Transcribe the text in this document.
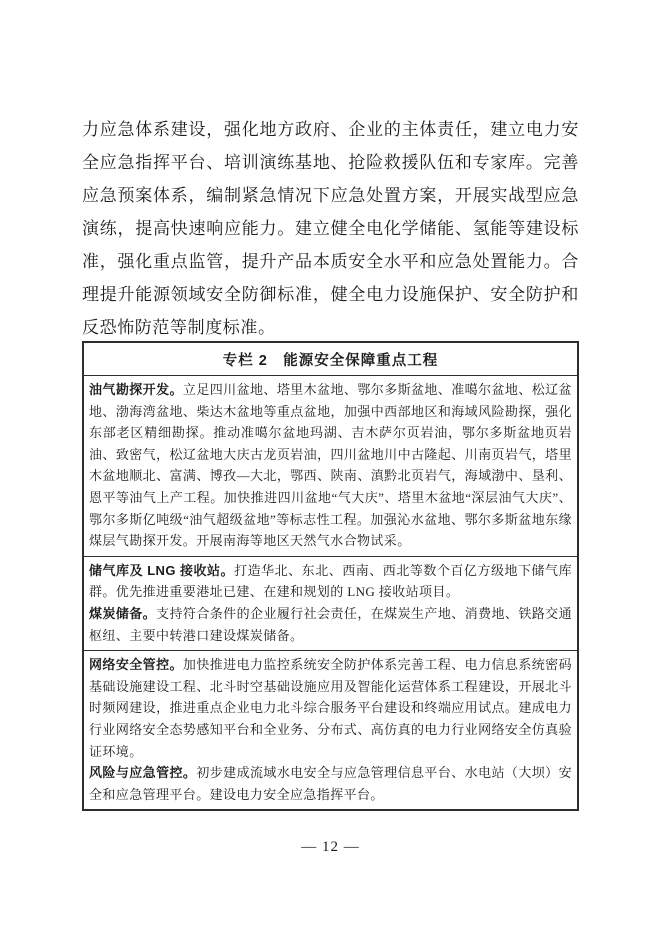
力应急体系建设，强化地方政府、企业的主体责任，建立电力安全应急指挥平台、培训演练基地、抢险救援队伍和专家库。完善应急预案体系，编制紧急情况下应急处置方案，开展实战型应急演练，提高快速响应能力。建立健全电化学储能、氢能等建设标准，强化重点监管，提升产品本质安全水平和应急处置能力。合理提升能源领域安全防御标准，健全电力设施保护、安全防护和反恐怖防范等制度标准。

专栏 2　能源安全保障重点工程

油气勘探开发。立足四川盆地、塔里木盆地、鄂尔多斯盆地、准噶尔盆地、松辽盆地、渤海湾盆地、柴达木盆地等重点盆地，加强中西部地区和海域风险勘探，强化东部老区精细勘探。推动准噶尔盆地玛湖、吉木萨尔页岩油，鄂尔多斯盆地页岩油、致密气，松辽盆地大庆古龙页岩油，四川盆地川中古隆起、川南页岩气，塔里木盆地顺北、富满、博孜—大北，鄂西、陕南、滇黔北页岩气，海域渤中、垦利、恩平等油气上产工程。加快推进四川盆地“气大庆”、塔里木盆地“深层油气大庆”、鄂尔多斯亿吨级“油气超级盆地”等标志性工程。加强沁水盆地、鄂尔多斯盆地东缘煤层气勘探开发。开展南海等地区天然气水合物试采。

储气库及 LNG 接收站。打造华北、东北、西南、西北等数个百亿方级地下储气库群。优先推进重要港址已建、在建和规划的 LNG 接收站项目。

煤炭储备。支持符合条件的企业履行社会责任，在煤炭生产地、消费地、铁路交通枢纽、主要中转港口建设煤炭储备。

网络安全管控。加快推进电力监控系统安全防护体系完善工程、电力信息系统密码基础设施建设工程、北斗时空基础设施应用及智能化运营体系工程建设，开展北斗时频网建设，推进重点企业电力北斗综合服务平台建设和终端应用试点。建成电力行业网络安全态势感知平台和全业务、分布式、高仿真的电力行业网络安全仿真验证环境。

风险与应急管控。初步建成流域水电安全与应急管理信息平台、水电站（大坝）安全和应急管理平台。建设电力安全应急指挥平台。

— 12 —
